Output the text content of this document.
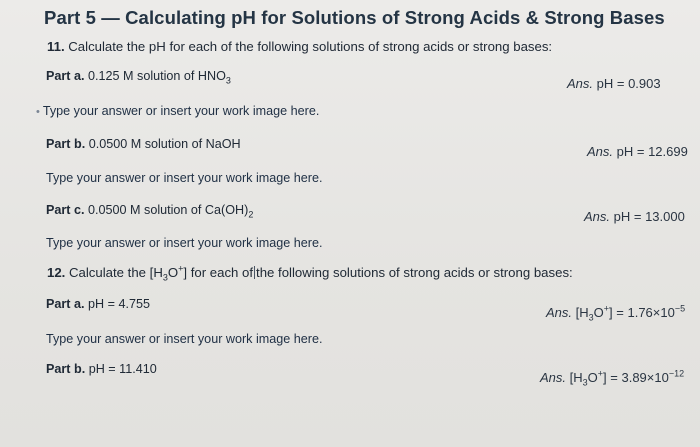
Part 5 — Calculating pH for Solutions of Strong Acids & Strong Bases
11. Calculate the pH for each of the following solutions of strong acids or strong bases:
Part a. 0.125 M solution of $HNO_3$	Ans. pH = 0.903
• Type your answer or insert your work image here.
Part b. 0.0500 M solution of NaOH	Ans. pH = 12.699
Type your answer or insert your work image here.
Part c. 0.0500 M solution of $Ca(OH)_2$	Ans. pH = 13.000
Type your answer or insert your work image here.
12. Calculate the $[H_3O^+]$ for each of the following solutions of strong acids or strong bases:
Part a. pH = 4.755
Ans. $[H_3O^+] = 1.76\times 10^{-5}$
Type your answer or insert your work image here.
Part b. pH = 11.410
Ans. $[H_3O^+] = 3.89\times 10^{-12}$
